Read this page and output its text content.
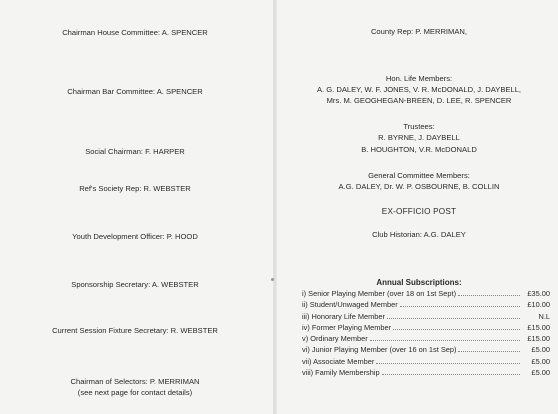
Chairman House Committee: A. SPENCER
Chairman Bar Committee: A. SPENCER
Social Chairman: F. HARPER
Ref's Society Rep: R. WEBSTER
Youth Development Officer: P. HOOD
Sponsorship Secretary: A. WEBSTER
Current Session Fixture Secretary: R. WEBSTER
Chairman of Selectors: P. MERRIMAN
(see next page for contact details)
County Rep: P. MERRIMAN,
Hon. Life Members:
A. G. DALEY, W. F. JONES, V. R. McDONALD, J. DAYBELL,
Mrs. M. GEOGHEGAN-BREEN, D. LEE, R. SPENCER
Trustees:
R. BYRNE, J. DAYBELL
B. HOUGHTON, V.R. McDONALD
General Committee Members:
A.G. DALEY, Dr. W. P. OSBOURNE, B. COLLIN
EX-OFFICIO POST
Club Historian: A.G. DALEY
Annual Subscriptions:
i) Senior Playing Member (over 18 on 1st Sept)	£35.00
ii) Student/Unwaged Member	£10.00
iii) Honorary Life Member	N.L
iv) Former Playing Member	£15.00
v) Ordinary Member	£15.00
vi) Junior Playing Member (over 16 on 1st Sep)	£5.00
vii) Associate Member	£5.00
viii) Family Membership	£5.00
